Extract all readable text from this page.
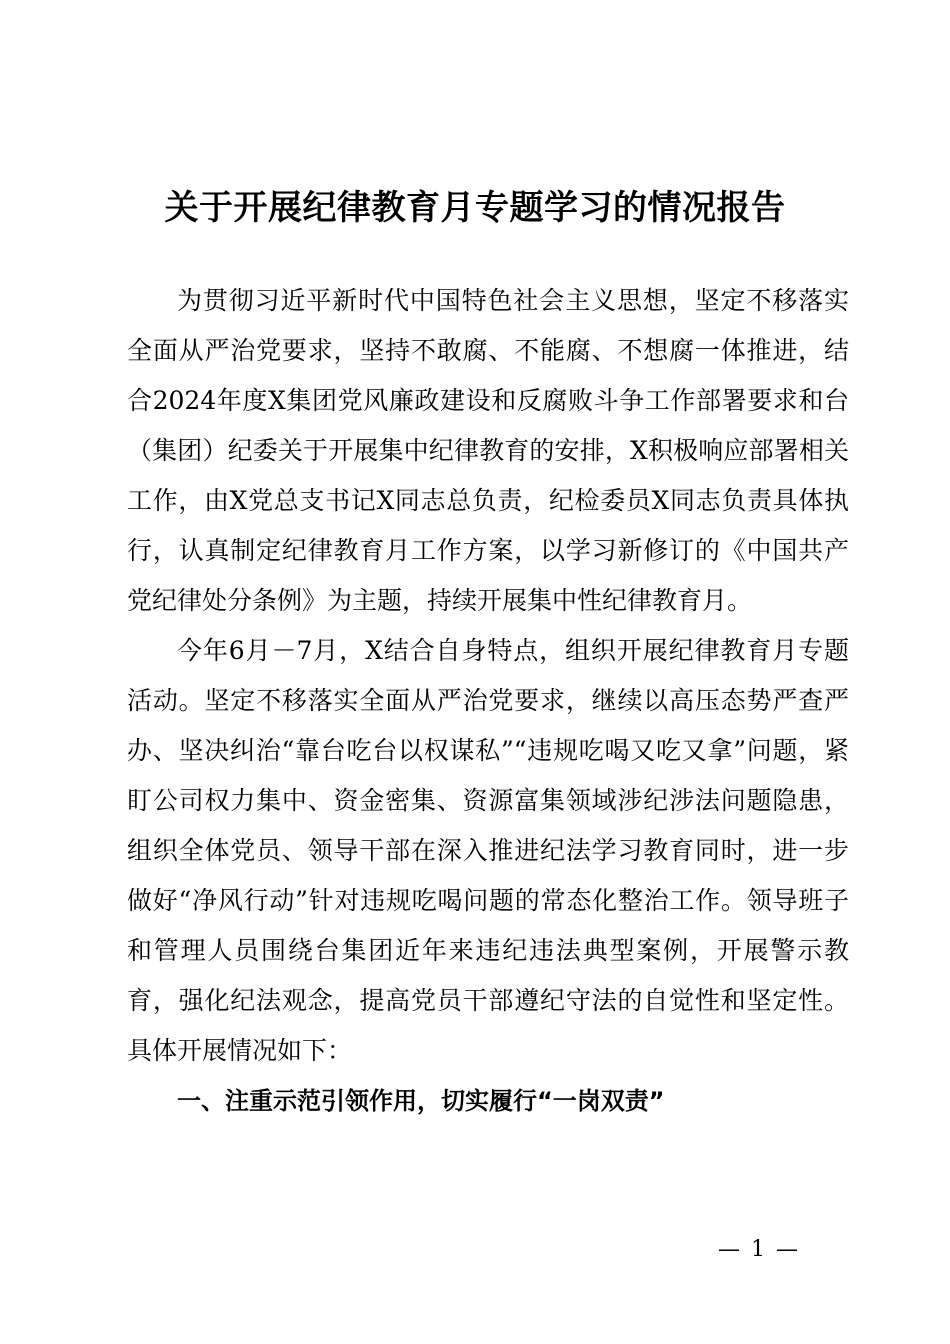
关于开展纪律教育月专题学习的情况报告

为贯彻习近平新时代中国特色社会主义思想，坚定不移落实全面从严治党要求，坚持不敢腐、不能腐、不想腐一体推进，结合2024年度X集团党风廉政建设和反腐败斗争工作部署要求和台（集团）纪委关于开展集中纪律教育的安排，X积极响应部署相关工作，由X党总支书记X同志总负责，纪检委员X同志负责具体执行，认真制定纪律教育月工作方案，以学习新修订的《中国共产党纪律处分条例》为主题，持续开展集中性纪律教育月。

今年6月－7月，X结合自身特点，组织开展纪律教育月专题活动。坚定不移落实全面从严治党要求，继续以高压态势严查严办、坚决纠治“靠台吃台以权谋私”“违规吃喝又吃又拿”问题，紧盯公司权力集中、资金密集、资源富集领域涉纪涉法问题隐患，组织全体党员、领导干部在深入推进纪法学习教育同时，进一步做好“净风行动”针对违规吃喝问题的常态化整治工作。领导班子和管理人员围绕台集团近年来违纪违法典型案例，开展警示教育，强化纪法观念，提高党员干部遵纪守法的自觉性和坚定性。具体开展情况如下：

一、注重示范引领作用，切实履行“一岗双责”

— 1 —
